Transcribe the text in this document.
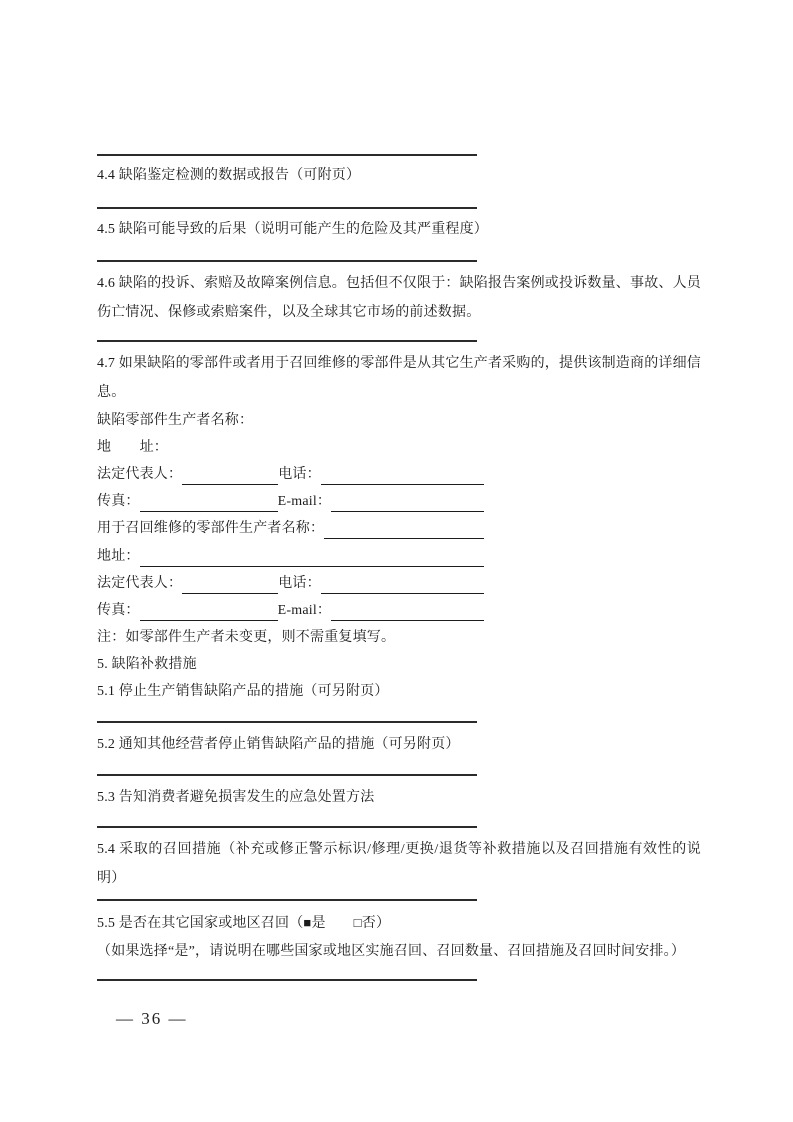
4.4 缺陷鉴定检测的数据或报告（可附页）
4.5 缺陷可能导致的后果（说明可能产生的危险及其严重程度）
4.6 缺陷的投诉、索赔及故障案例信息。包括但不仅限于：缺陷报告案例或投诉数量、事故、人员伤亡情况、保修或索赔案件，以及全球其它市场的前述数据。
4.7 如果缺陷的零部件或者用于召回维修的零部件是从其它生产者采购的，提供该制造商的详细信息。
缺陷零部件生产者名称：
地　　址：
法定代表人：	电话：
传真：	E-mail：
用于召回维修的零部件生产者名称：
地址：
法定代表人：	电话：
传真：	E-mail：
注：如零部件生产者未变更，则不需重复填写。
5. 缺陷补救措施
5.1 停止生产销售缺陷产品的措施（可另附页）
5.2 通知其他经营者停止销售缺陷产品的措施（可另附页）
5.3 告知消费者避免损害发生的应急处置方法
5.4 采取的召回措施（补充或修正警示标识/修理/更换/退货等补救措施以及召回措施有效性的说明）
5.5 是否在其它国家或地区召回（■是 □否）
（如果选择“是”，请说明在哪些国家或地区实施召回、召回数量、召回措施及召回时间安排。）
— 36 —
